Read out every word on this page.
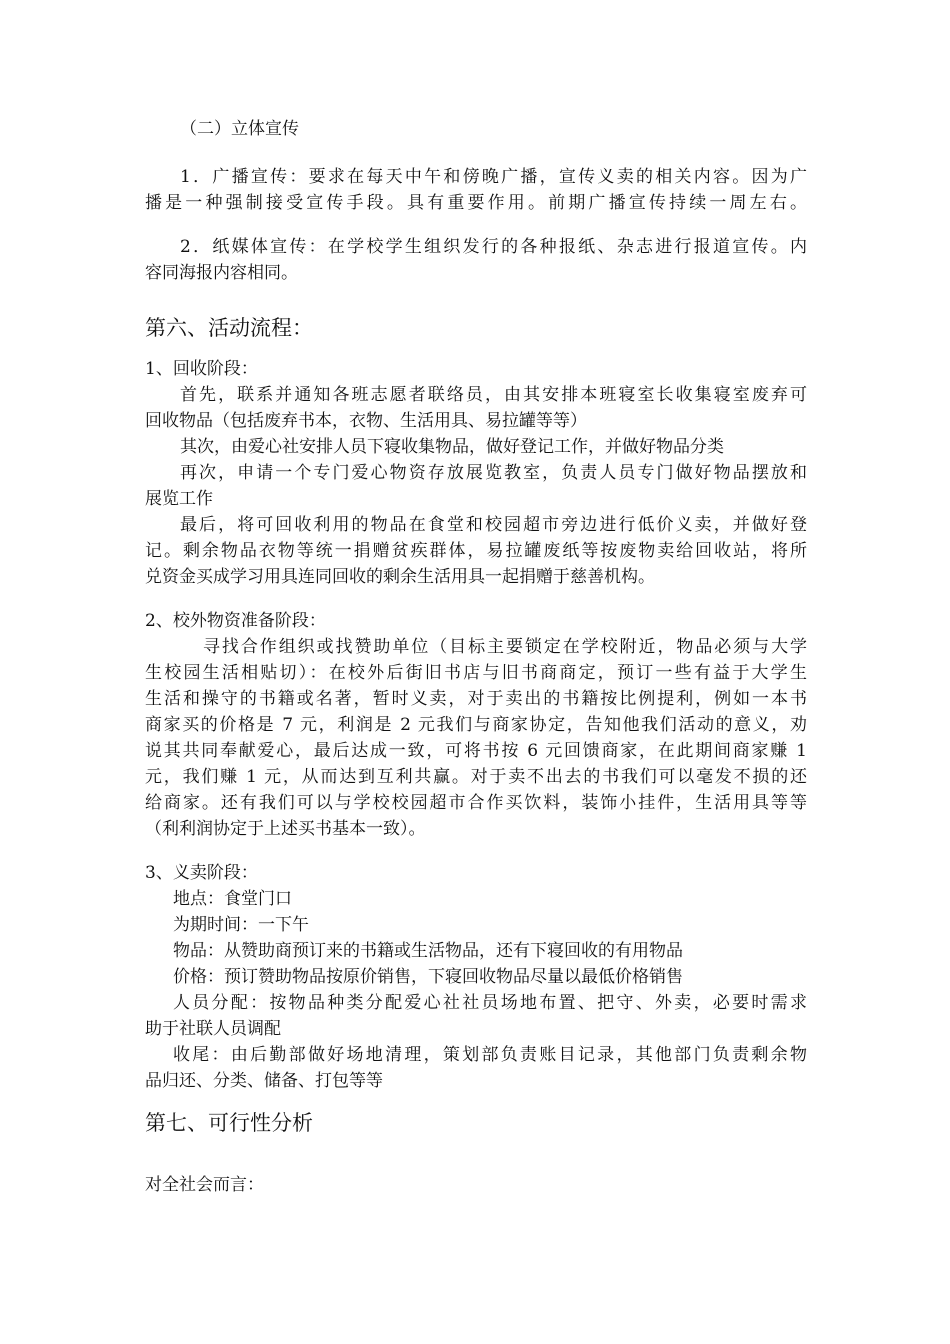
（二）立体宣传
1．广播宣传：要求在每天中午和傍晚广播，宣传义卖的相关内容。因为广
播是一种强制接受宣传手段。具有重要作用。前期广播宣传持续一周左右。
2．纸媒体宣传：在学校学生组织发行的各种报纸、杂志进行报道宣传。内
容同海报内容相同。
第六、活动流程：
1、回收阶段：
首先，联系并通知各班志愿者联络员，由其安排本班寝室长收集寝室废弃可
回收物品（包括废弃书本，衣物、生活用具、易拉罐等等）
其次，由爱心社安排人员下寝收集物品，做好登记工作，并做好物品分类
再次，申请一个专门爱心物资存放展览教室，负责人员专门做好物品摆放和
展览工作
最后，将可回收利用的物品在食堂和校园超市旁边进行低价义卖，并做好登
记。剩余物品衣物等统一捐赠贫疾群体，易拉罐废纸等按废物卖给回收站，将所
兑资金买成学习用具连同回收的剩余生活用具一起捐赠于慈善机构。
2、校外物资准备阶段：
寻找合作组织或找赞助单位（目标主要锁定在学校附近，物品必须与大学
生校园生活相贴切）：在校外后街旧书店与旧书商商定，预订一些有益于大学生
生活和操守的书籍或名著，暂时义卖，对于卖出的书籍按比例提利，例如一本书
商家买的价格是 7 元，利润是 2 元我们与商家协定，告知他我们活动的意义，劝
说其共同奉献爱心，最后达成一致，可将书按 6 元回馈商家，在此期间商家赚 1
元，我们赚 1 元，从而达到互利共赢。对于卖不出去的书我们可以毫发不损的还
给商家。还有我们可以与学校校园超市合作买饮料，装饰小挂件，生活用具等等
（利利润协定于上述买书基本一致）。
3、义卖阶段：
地点：食堂门口
为期时间：一下午
物品：从赞助商预订来的书籍或生活物品，还有下寝回收的有用物品
价格：预订赞助物品按原价销售，下寝回收物品尽量以最低价格销售
人员分配：按物品种类分配爱心社社员场地布置、把守、外卖，必要时需求
助于社联人员调配
收尾：由后勤部做好场地清理，策划部负责账目记录，其他部门负责剩余物
品归还、分类、储备、打包等等
第七、可行性分析
对全社会而言：
